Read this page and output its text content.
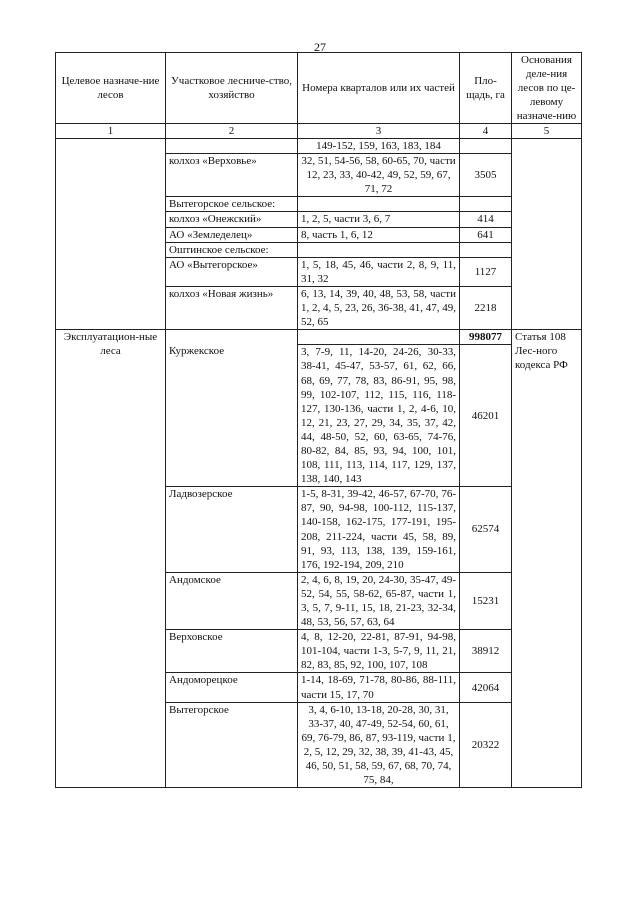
27
Целевое назначе-ние лесов	Участковое лесниче-ство, хозяйство	Номера кварталов или их частей	Пло-щадь, га	Основания деле-ния лесов по це-левому назначе-нию
1	2	3	4	5
		149-152, 159, 163, 183, 184		
	колхоз «Верховье»	32, 51, 54-56, 58, 60-65, 70, части 12, 23, 33, 40-42, 49, 52, 59, 67, 71, 72	3505	
	Вытегорское сельское:			
	колхоз «Онежский»	1, 2, 5, части 3, 6, 7	414	
	АО «Земледелец»	8, часть 1, 6, 12	641	
	Оштинское сельское:			
	АО «Вытегорское»	1, 5, 18, 45, 46, части 2, 8, 9, 11, 31, 32	1127	
	колхоз «Новая жизнь»	6, 13, 14, 39, 40, 48, 53, 58, части 1, 2, 4, 5, 23, 26, 36-38, 41, 47, 49, 52, 65	2218	
Эксплуатацион-ные леса	Куржекское		998077	Статья 108 Лес-ного кодекса РФ
		3, 7-9, 11, 14-20, 24-26, 30-33, 38-41, 45-47, 53-57, 61, 62, 66, 68, 69, 77, 78, 83, 86-91, 95, 98, 99, 102-107, 112, 115, 116, 118-127, 130-136, части 1, 2, 4-6, 10, 12, 21, 23, 27, 29, 34, 35, 37, 42, 44, 48-50, 52, 60, 63-65, 74-76, 80-82, 84, 85, 93, 94, 100, 101, 108, 111, 113, 114, 117, 129, 137, 138, 140, 143	46201	
	Ладвозерское	1-5, 8-31, 39-42, 46-57, 67-70, 76-87, 90, 94-98, 100-112, 115-137, 140-158, 162-175, 177-191, 195-208, 211-224, части 45, 58, 89, 91, 93, 113, 138, 139, 159-161, 176, 192-194, 209, 210	62574	
	Андомское	2, 4, 6, 8, 19, 20, 24-30, 35-47, 49-52, 54, 55, 58-62, 65-87, части 1, 3, 5, 7, 9-11, 15, 18, 21-23, 32-34, 48, 53, 56, 57, 63, 64	15231	
	Верховское	4, 8, 12-20, 22-81, 87-91, 94-98, 101-104, части 1-3, 5-7, 9, 11, 21, 82, 83, 85, 92, 100, 107, 108	38912	
	Андоморецкое	1-14, 18-69, 71-78, 80-86, 88-111, части 15, 17, 70	42064	
	Вытегорское	3, 4, 6-10, 13-18, 20-28, 30, 31, 33-37, 40, 47-49, 52-54, 60, 61, 69, 76-79, 86, 87, 93-119, части 1, 2, 5, 12, 29, 32, 38, 39, 41-43, 45, 46, 50, 51, 58, 59, 67, 68, 70, 74, 75, 84,	20322	
